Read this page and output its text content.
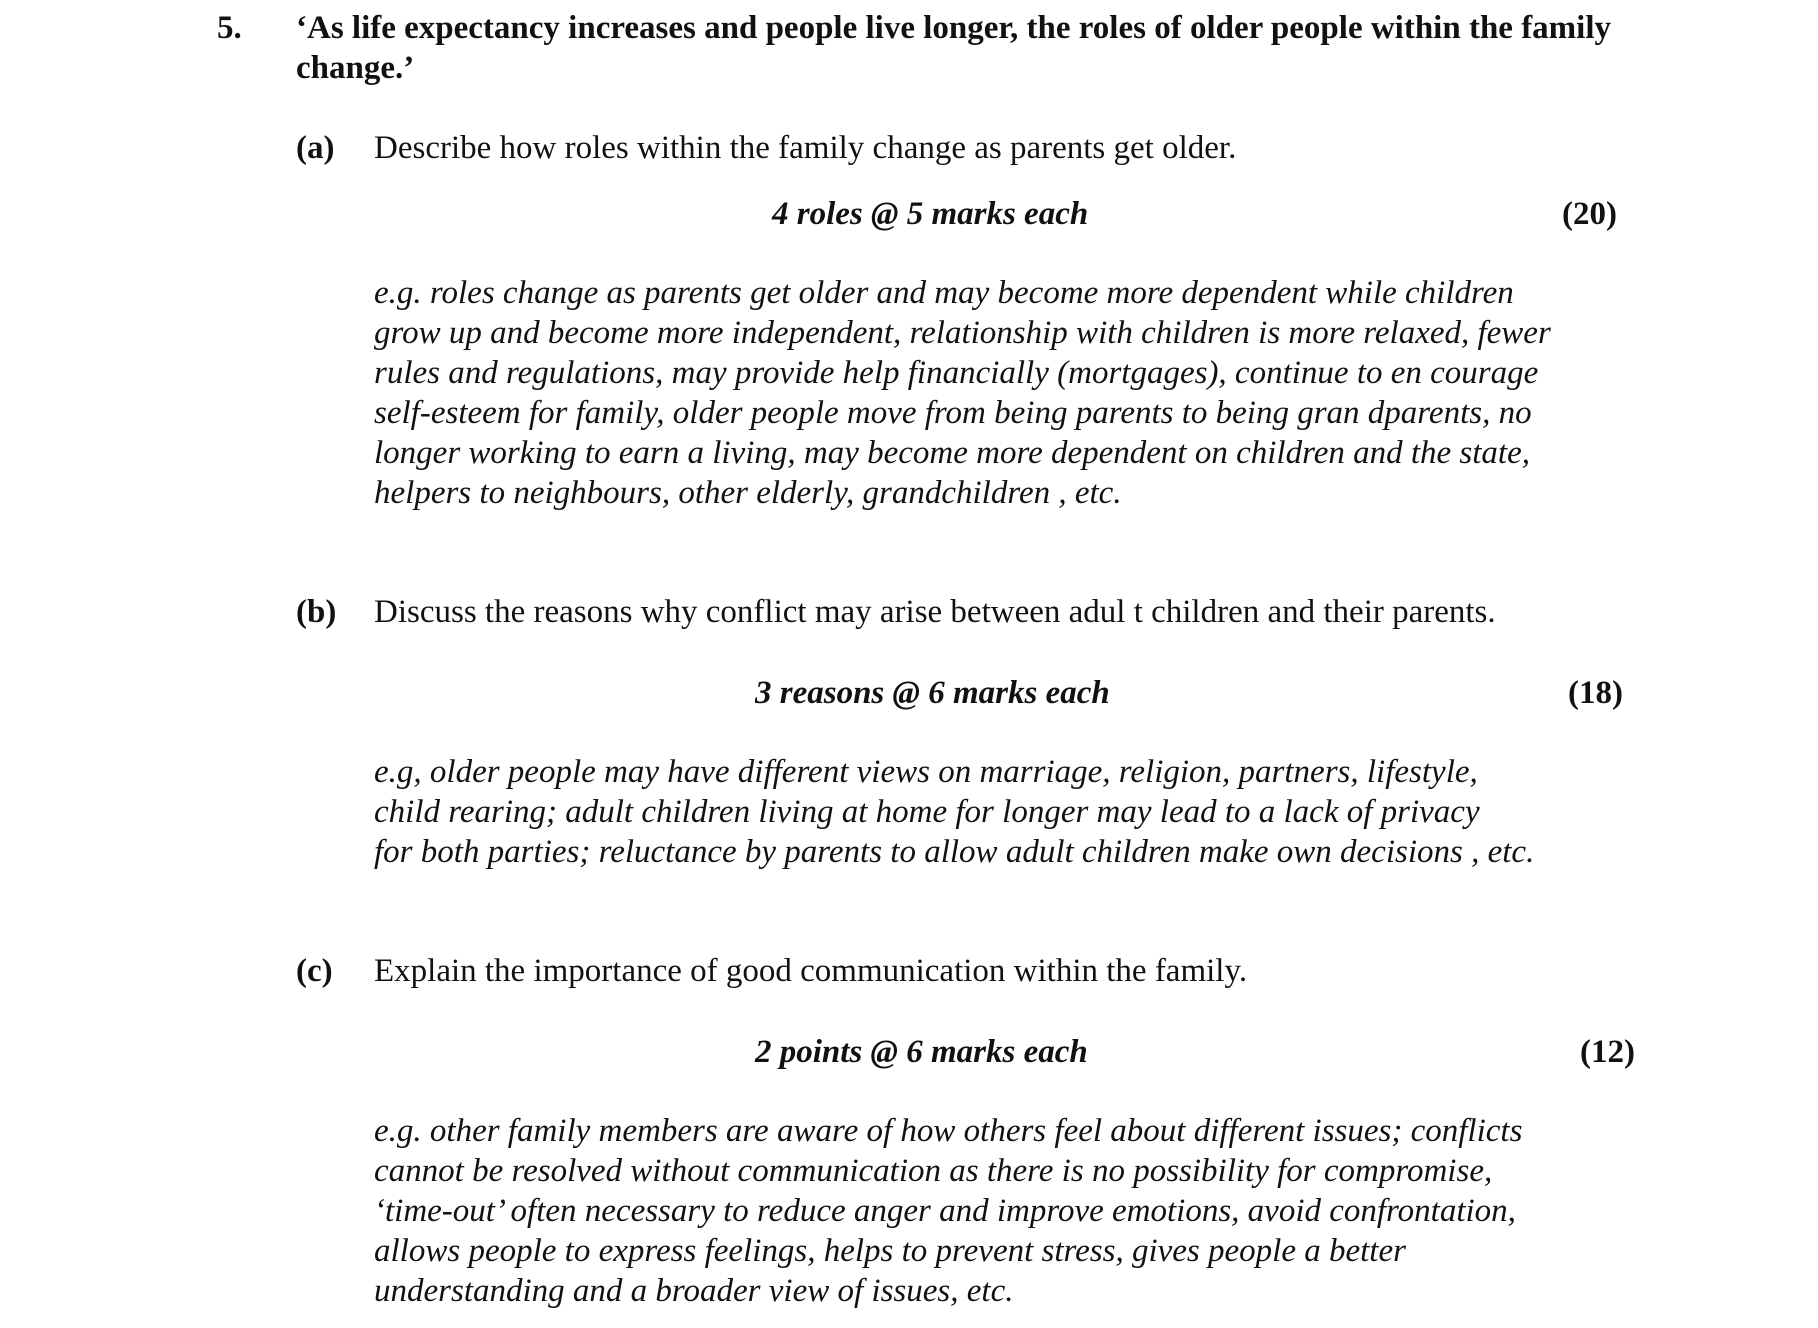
5. ‘As life expectancy increases and people live longer, the roles of older people within the family change.’
(a) Describe how roles within the family change as parents get older.
4 roles @ 5 marks each	(20)
e.g. roles change as parents get older and may become more dependent while children
grow up and become more independent, relationship with children is more relaxed, fewer
rules and regulations, may provide help financially (mortgages), continue to en courage
self-esteem for family, older people move from being parents to being gran dparents, no
longer working to earn a living, may become more dependent on children and the state,
helpers to neighbours, other elderly, grandchildren , etc.
(b) Discuss the reasons why conflict may arise between adul t children and their parents.
3 reasons @ 6 marks each	(18)
e.g, older people may have different views on marriage, religion, partners, lifestyle,
child rearing; adult children living at home for longer may lead to a lack of privacy
for both parties; reluctance by parents to allow adult children make own decisions , etc.
(c) Explain the importance of good communication within the family.
2 points @ 6 marks each	(12)
e.g. other family members are aware of how others feel about different issues; conflicts
cannot be resolved without communication as there is no possibility for compromise,
‘time-out’ often necessary to reduce anger and improve emotions, avoid confrontation,
allows people to express feelings, helps to prevent stress, gives people a better
understanding and a broader view of issues, etc.
